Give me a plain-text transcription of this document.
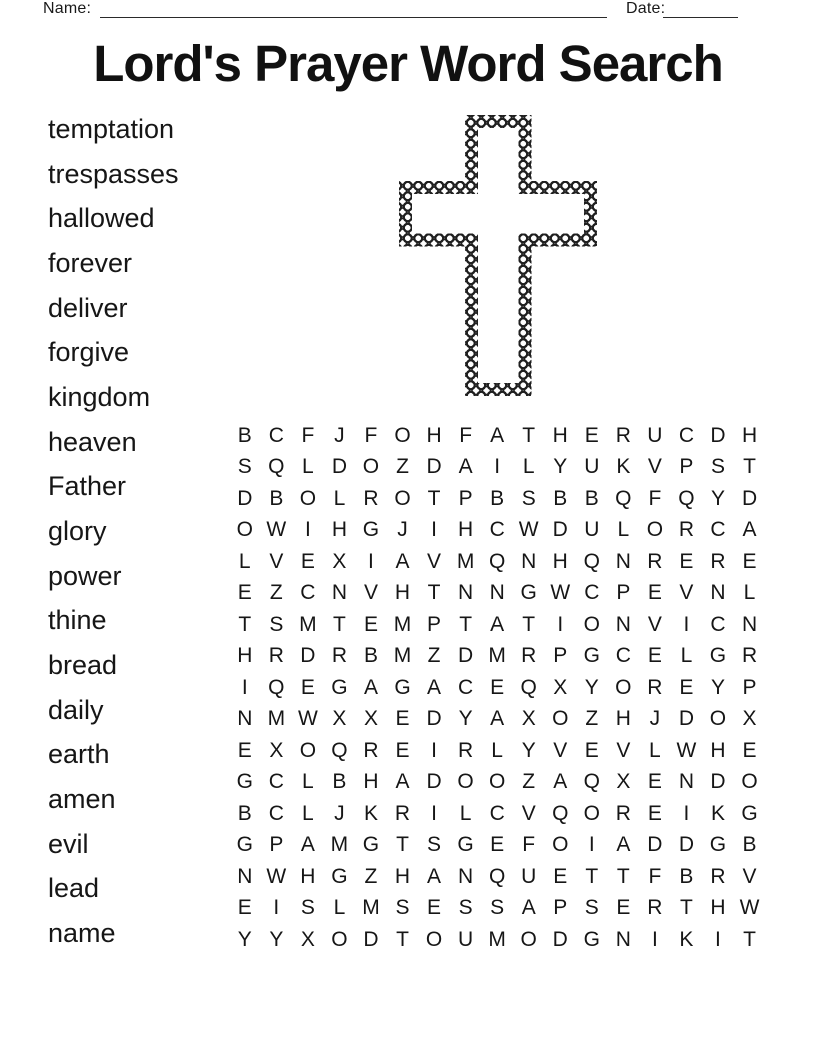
Name:	Date:
Lord's Prayer Word Search
temptation
trespasses
hallowed
forever
deliver
forgive
kingdom
heaven
Father
glory
power
thine
bread
daily
earth
amen
evil
lead
name
B C F J F O H F A T H E R U C D H
S Q L D O Z D A	I	L Y U K V P S T
D B O L R O T P B S B B Q F Q Y D
O W I	H G J	I	H C W D U L O R C A
L V E X	I	A V M Q N H Q N R E R E
E Z C N V H T N N G W C P E V N L
T S M T E M P T A T	I O N V	I	C N
H R D R B M Z D M R P G C E L G R
I Q E G A G A C E Q X Y O R E Y P
N M W X X E D Y A X O Z H J D O X
E X O Q R E	I	R L Y V E V L W H E
G C L B H A D O O Z A Q X E N D O
B C L J K R	I	L C V Q O R E	I	K G
G P A M G T S G E F O I	A D D G B
N W H G Z H A N Q U E T T F B R V
E	I	S L M S E S S A P S E R T H W
Y Y X O D T O U M O D G N	I	K	I	T
